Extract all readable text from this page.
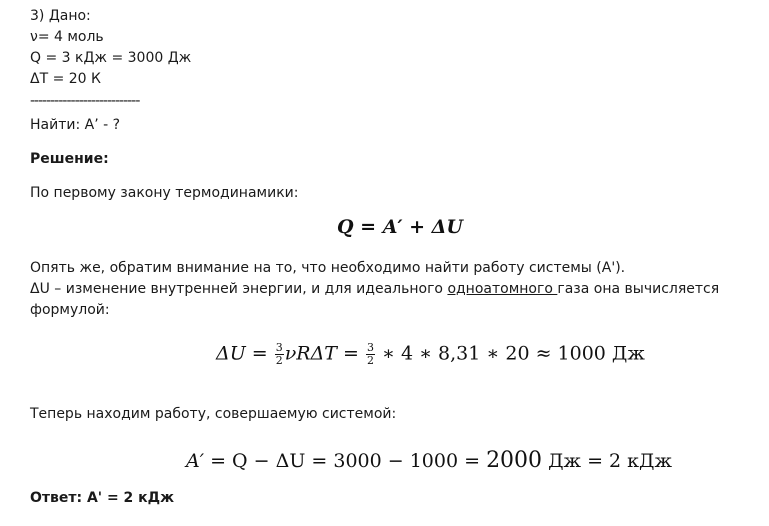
3) Дано:
ν= 4 моль
Q = 3 кДж = 3000 Дж
ΔT = 20 К
---------------------------
Найти: A’ - ?
Решение:
По первому закону термодинамики:
Q = A′ + ΔU
Опять же, обратим внимание на то, что необходимо найти работу системы (А').
ΔU – изменение внутренней энергии, и для идеального одноатомного газа она вычисляется
формулой:
$\Delta U = \frac{3}{2}$ $\nu R\Delta T = \frac{3}{2}$ ∗ 4 ∗ 8,31 ∗ 20 ≈ 1000 Дж
Теперь находим работу, совершаемую системой:
A′ = Q − ΔU = 3000 − 1000 = 2000 Дж = 2 кДж
Ответ: А' = 2 кДж
